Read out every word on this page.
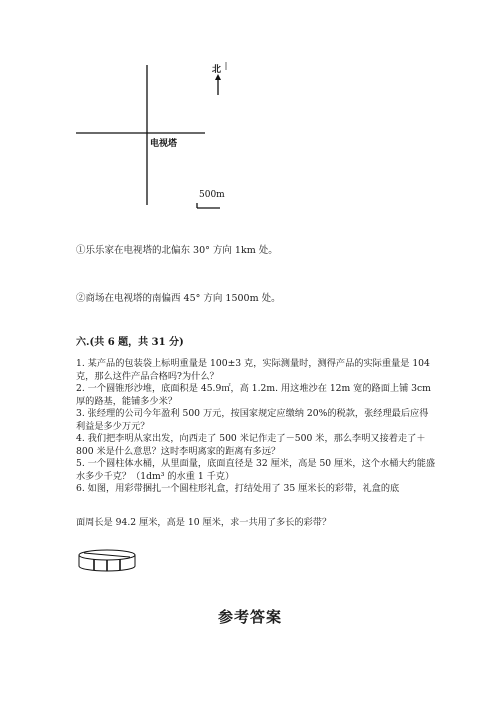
北
电视塔
500m
①乐乐家在电视塔的北偏东 30° 方向 1km 处。
②商场在电视塔的南偏西 45° 方向 1500m 处。
六.(共 6 题，共 31 分)

1. 某产品的包装袋上标明重量是 100±3 克，实际测量时，测得产品的实际重量是 104 克，那么这件产品合格吗?为什么？

2. 一个圆锥形沙堆，底面积是 45.9㎡，高 1.2m. 用这堆沙在 12m 宽的路面上铺 3cm 厚的路基，能铺多少米？

3. 张经理的公司今年盈利 500 万元，按国家规定应缴纳 20%的税款，张经理最后应得利益是多少万元？

4. 我们把李明从家出发，向西走了 500 米记作走了－500 米，那么李明又接着走了＋800 米是什么意思？这时李明离家的距离有多远？

5. 一个圆柱体水桶，从里面量，底面直径是 32 厘米，高是 50 厘米，这个水桶大约能盛水多少千克？（1dm³ 的水重 1 千克）

6. 如图，用彩带捆扎一个圆柱形礼盒，打结处用了 35 厘米长的彩带，礼盒的底

面周长是 94.2 厘米，高是 10 厘米，求一共用了多长的彩带？
参考答案
